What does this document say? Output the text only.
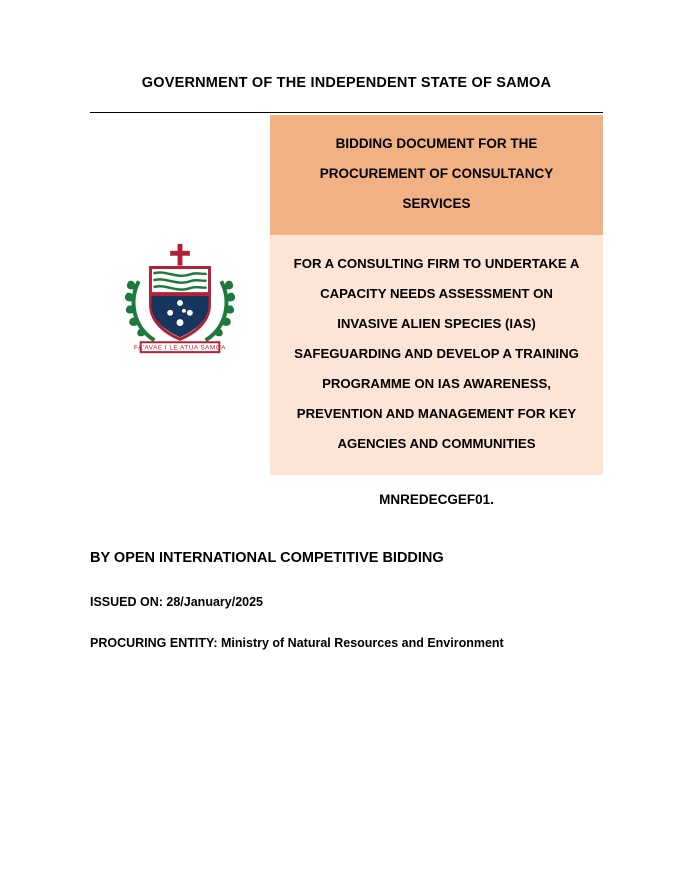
GOVERNMENT OF THE INDEPENDENT STATE OF SAMOA
FA'AVAE I LE ATUA SAMOA
BIDDING DOCUMENT FOR THE
PROCUREMENT OF CONSULTANCY
SERVICES
FOR A CONSULTING FIRM TO UNDERTAKE A
CAPACITY NEEDS ASSESSMENT ON
INVASIVE ALIEN SPECIES (IAS)
SAFEGUARDING AND DEVELOP A TRAINING
PROGRAMME ON IAS AWARENESS,
PREVENTION AND MANAGEMENT FOR KEY
AGENCIES AND COMMUNITIES
MNREDECGEF01.
BY OPEN INTERNATIONAL COMPETITIVE BIDDING
ISSUED ON: 28/January/2025
PROCURING ENTITY: Ministry of Natural Resources and Environment
